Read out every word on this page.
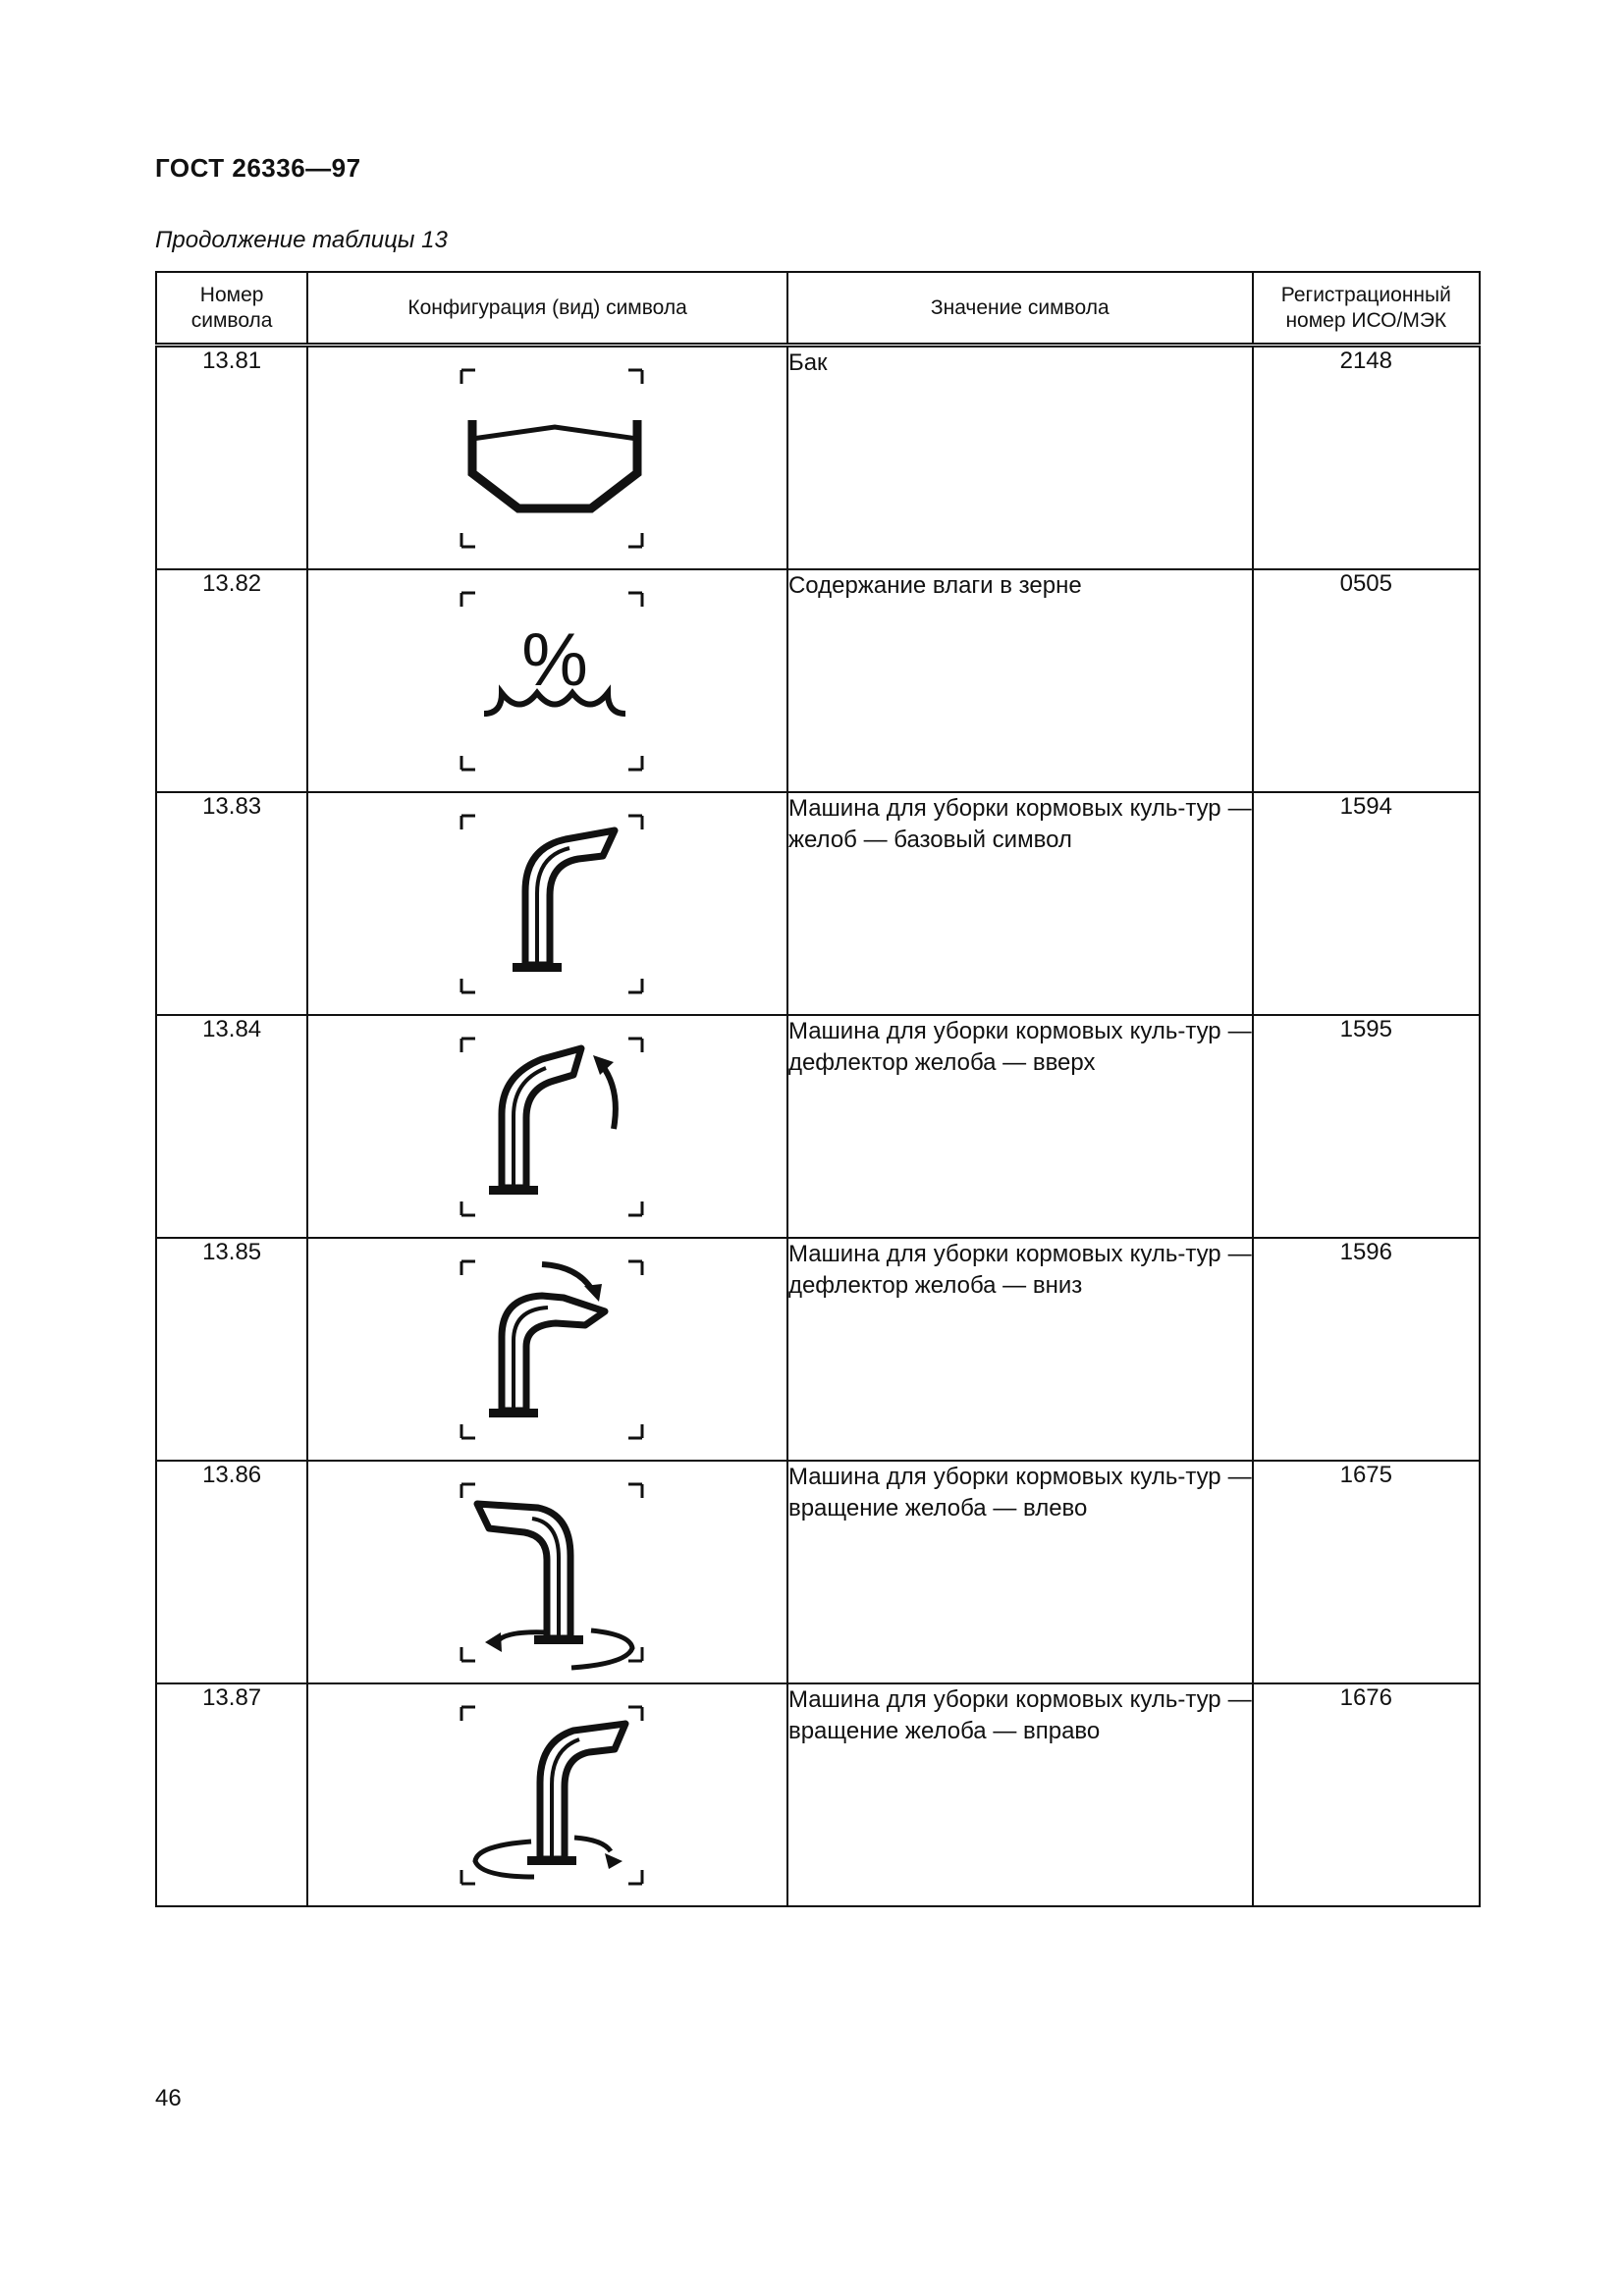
ГОСТ 26336—97
Продолжение таблицы 13
Номер символа	Конфигурация (вид) символа	Значение символа	Регистрационный номер ИСО/МЭК
13.81		Бак	2148
13.82	%	Содержание влаги в зерне	0505
13.83		Машина для уборки кормовых куль-тур — желоб — базовый символ	1594
13.84		Машина для уборки кормовых куль-тур — дефлектор желоба — вверх	1595
13.85		Машина для уборки кормовых куль-тур — дефлектор желоба — вниз	1596
13.86		Машина для уборки кормовых куль-тур — вращение желоба — влево	1675
13.87		Машина для уборки кормовых куль-тур — вращение желоба — вправо	1676
46
